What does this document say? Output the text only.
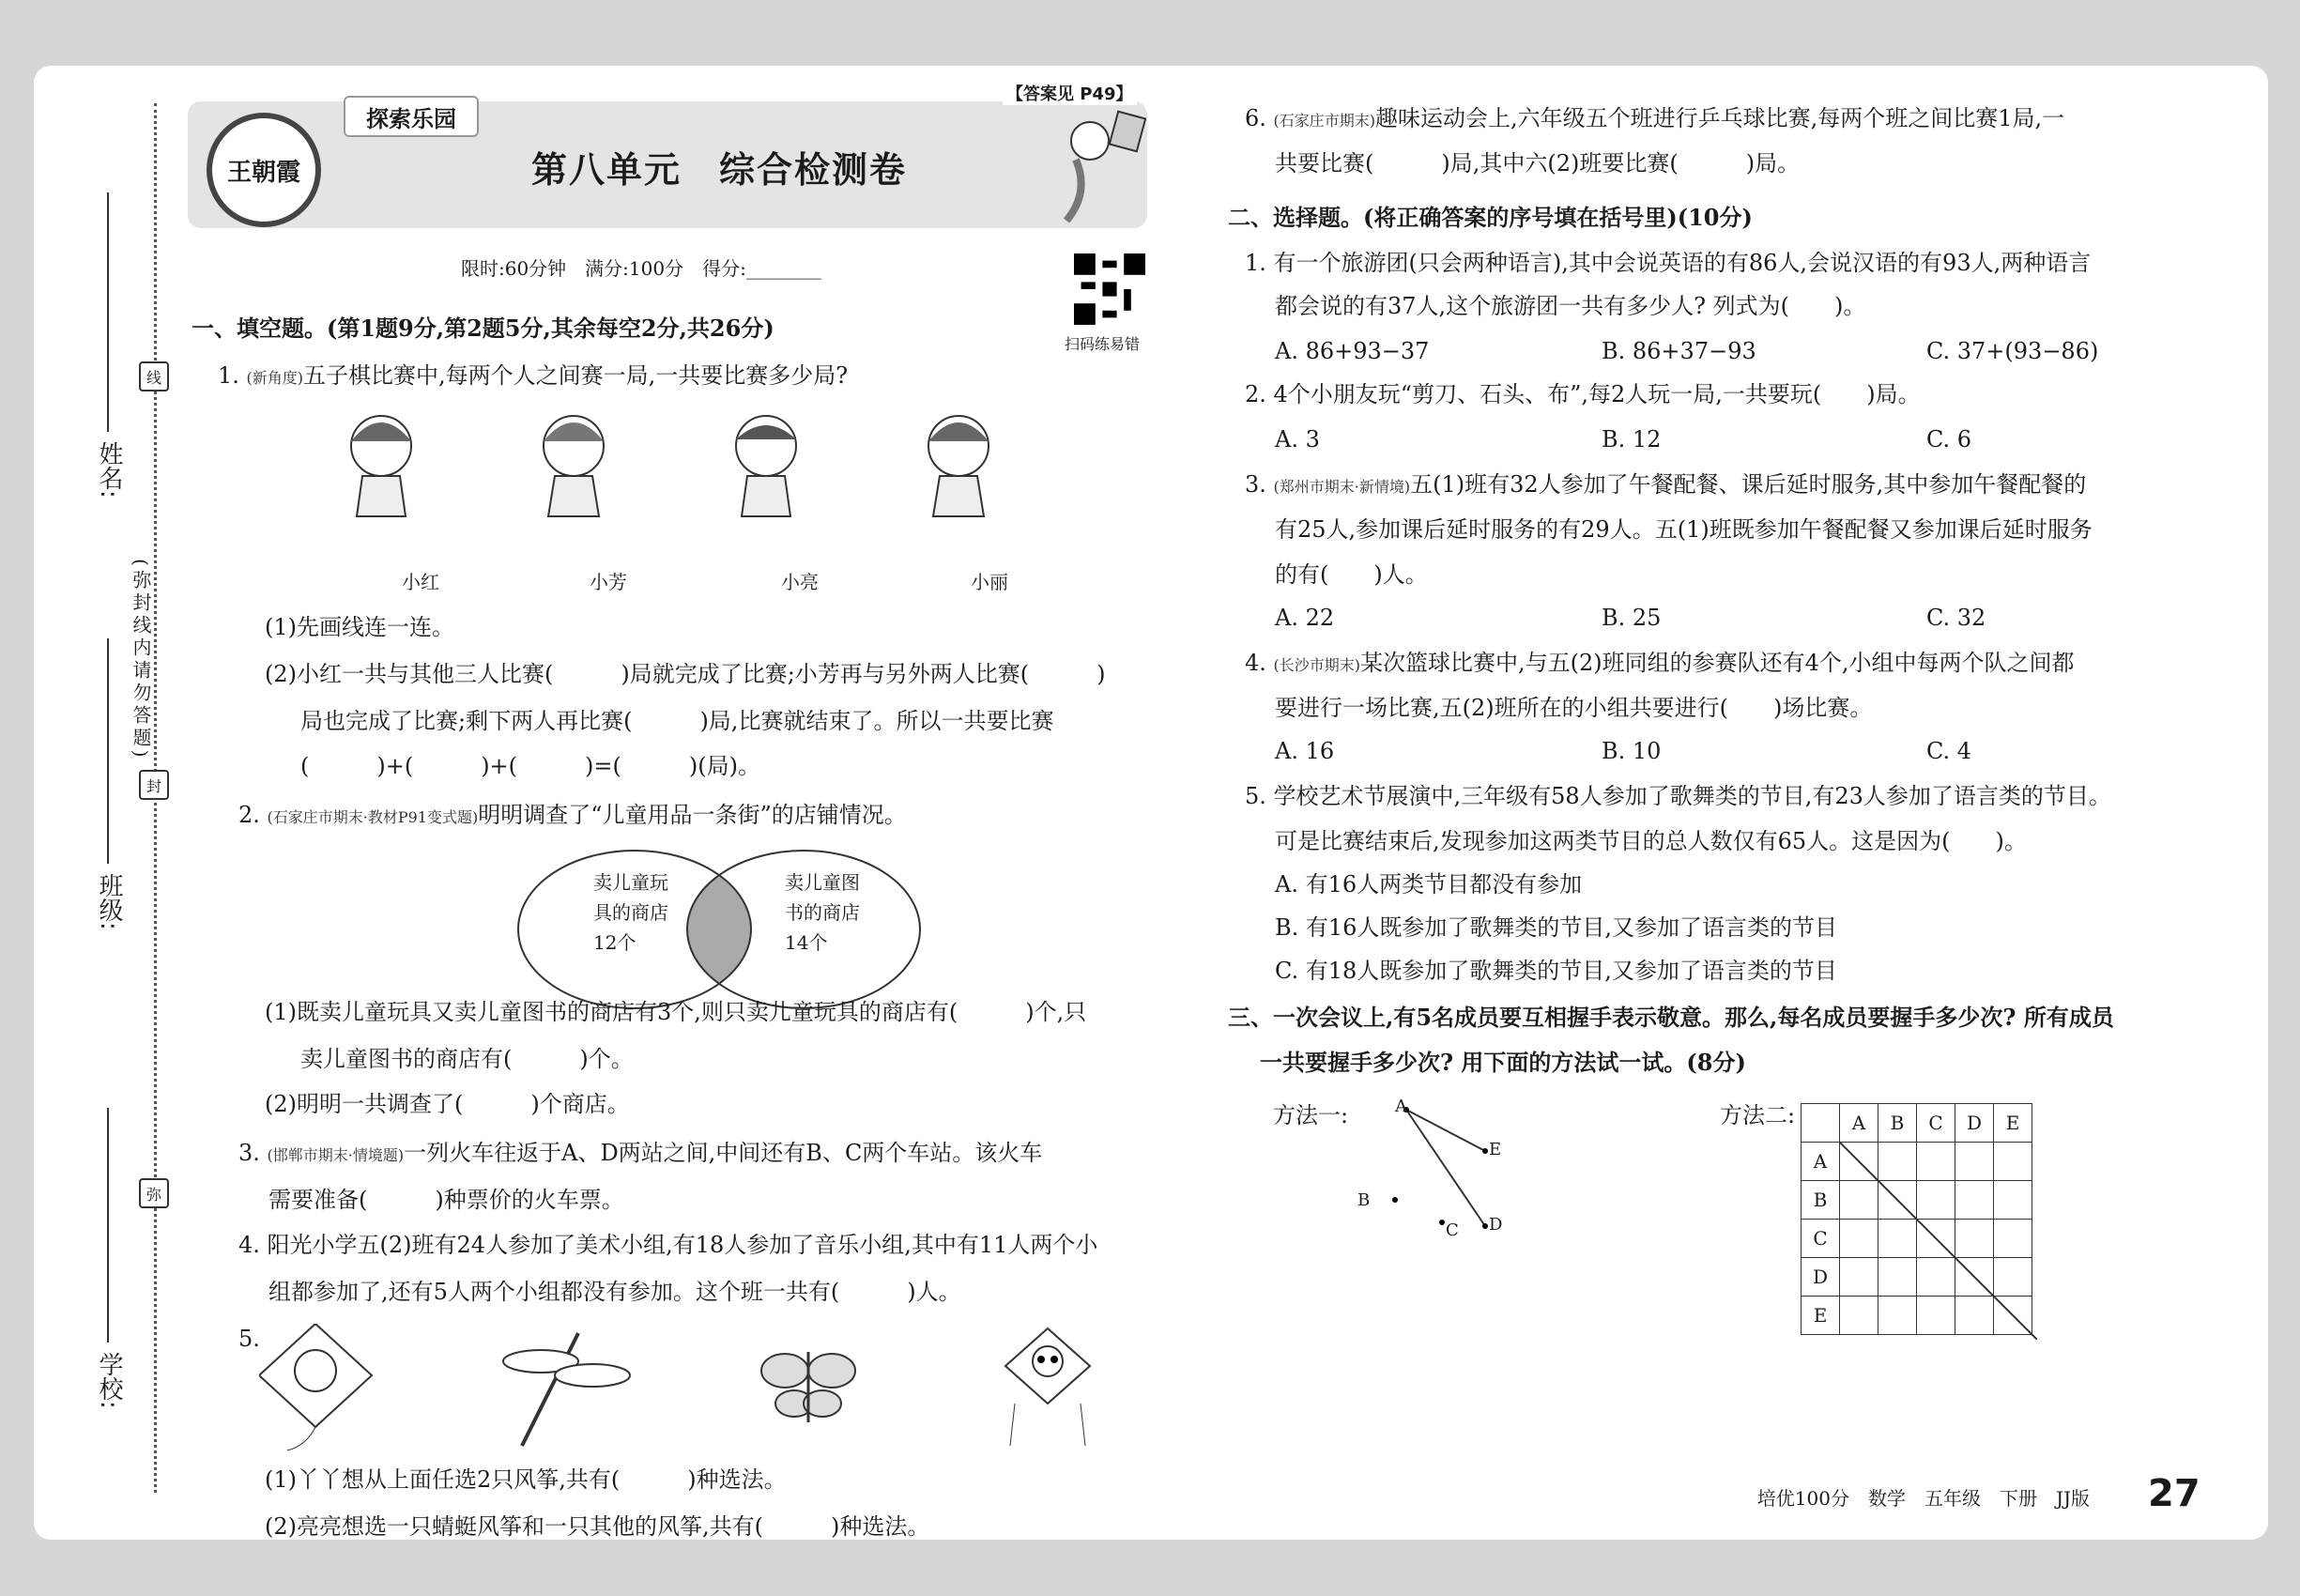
姓名:
班级:
学校:
线
(弥封线内请勿答题)
封
弥
王朝霞
探索乐园
第八单元　综合检测卷
【答案见 P49】
限时:60分钟　满分:100分　得分:________
扫码练易错
一、填空题。(第1题9分,第2题5分,其余每空2分,共26分)
1. (新角度)五子棋比赛中,每两个人之间赛一局,一共要比赛多少局?
小红	小芳	小亮	小丽
(1)先画线连一连。
(2)小红一共与其他三人比赛(　　　)局就完成了比赛;小芳再与另外两人比赛(　　　)
局也完成了比赛;剩下两人再比赛(　　　)局,比赛就结束了。所以一共要比赛
(　　　)+(　　　)+(　　　)=(　　　)(局)。
2. (石家庄市期末·教材P91变式题)明明调查了“儿童用品一条街”的店铺情况。
卖儿童玩
具的商店
12个
卖儿童图
书的商店
14个
(1)既卖儿童玩具又卖儿童图书的商店有3个,则只卖儿童玩具的商店有(　　　)个,只
卖儿童图书的商店有(　　　)个。
(2)明明一共调查了(　　　)个商店。
3. (邯郸市期末·情境题)一列火车往返于A、D两站之间,中间还有B、C两个车站。该火车
需要准备(　　　)种票价的火车票。
4. 阳光小学五(2)班有24人参加了美术小组,有18人参加了音乐小组,其中有11人两个小
组都参加了,还有5人两个小组都没有参加。这个班一共有(　　　)人。
5.
(1)丫丫想从上面任选2只风筝,共有(　　　)种选法。
(2)亮亮想选一只蜻蜓风筝和一只其他的风筝,共有(　　　)种选法。
6. (石家庄市期末)趣味运动会上,六年级五个班进行乒乓球比赛,每两个班之间比赛1局,一
共要比赛(　　　)局,其中六(2)班要比赛(　　　)局。
二、选择题。(将正确答案的序号填在括号里)(10分)
1. 有一个旅游团(只会两种语言),其中会说英语的有86人,会说汉语的有93人,两种语言
都会说的有37人,这个旅游团一共有多少人? 列式为(　　)。
A. 86+93−37	B. 86+37−93	C. 37+(93−86)
2. 4个小朋友玩“剪刀、石头、布”,每2人玩一局,一共要玩(　　)局。
A. 3	B. 12	C. 6
3. (郑州市期末·新情境)五(1)班有32人参加了午餐配餐、课后延时服务,其中参加午餐配餐的
有25人,参加课后延时服务的有29人。五(1)班既参加午餐配餐又参加课后延时服务
的有(　　)人。
A. 22	B. 25	C. 32
4. (长沙市期末)某次篮球比赛中,与五(2)班同组的参赛队还有4个,小组中每两个队之间都
要进行一场比赛,五(2)班所在的小组共要进行(　　)场比赛。
A. 16	B. 10	C. 4
5. 学校艺术节展演中,三年级有58人参加了歌舞类的节目,有23人参加了语言类的节目。
可是比赛结束后,发现参加这两类节目的总人数仅有65人。这是因为(　　)。
A. 有16人两类节目都没有参加
B. 有16人既参加了歌舞类的节目,又参加了语言类的节目
C. 有18人既参加了歌舞类的节目,又参加了语言类的节目
三、一次会议上,有5名成员要互相握手表示敬意。那么,每名成员要握手多少次? 所有成员
一共要握手多少次? 用下面的方法试一试。(8分)
方法一:	A
E
B
C D
方法二:
		A	B	C	D	E
A					
B					
C					
D					
E					
培优100分　数学　五年级　下册　JJ版 27
